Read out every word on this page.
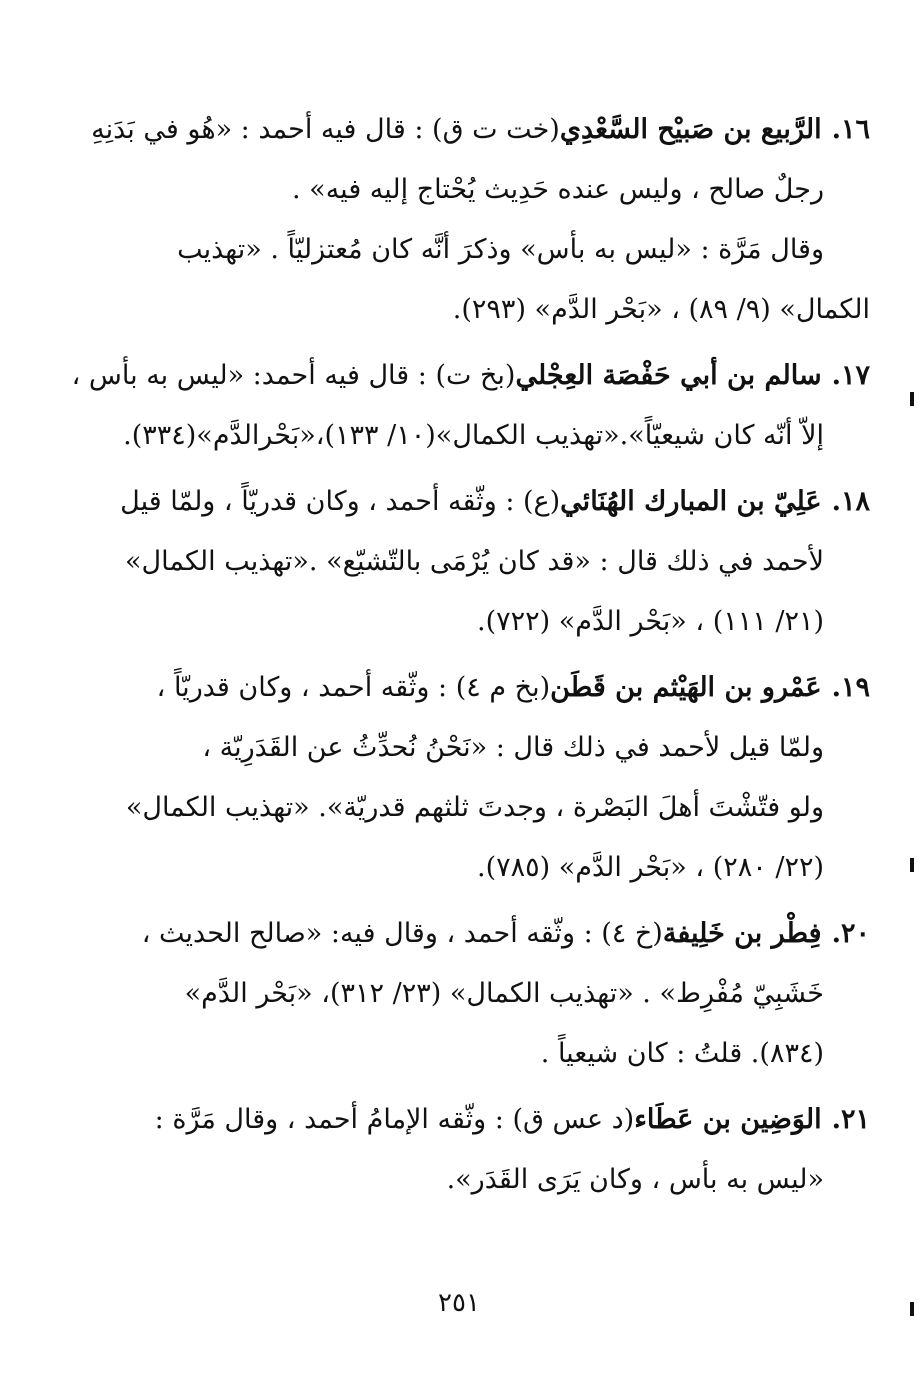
١٦.الرَّبيع بن صَبيْح السَّعْدِي(خت ت ق) : قال فيه أحمد : «هُو في بَدَنِهِ
رجلٌ صالح ، وليس عنده حَدِيث يُحْتاج إليه فيه» .
وقال مَرَّة : «ليس به بأس» وذكرَ أنَّه كان مُعتزليّاً . «تهذيب
الكمال» (٩/ ٨٩) ، «بَحْر الدَّم» (٢٩٣).
١٧.سالم بن أبي حَفْصَة العِجْلي(بخ ت) : قال فيه أحمد: «ليس به بأس ،
إلاّ أنّه كان شيعيّاً».«تهذيب الكمال»(١٠/ ١٣٣)،«بَحْرالدَّم»(٣٣٤).
١٨.عَلِيّ بن المبارك الهُنَائي(ع) : وثّقه أحمد ، وكان قدريّاً ، ولمّا قيل
لأحمد في ذلك قال : «قد كان يُرْمَى بالتّشيّع» .«تهذيب الكمال»
(٢١/ ١١١) ، «بَحْر الدَّم» (٧٢٢).
١٩.عَمْرو بن الهَيْثم بن قَطَن(بخ م ٤) : وثّقه أحمد ، وكان قدريّاً ،
ولمّا قيل لأحمد في ذلك قال : «نَحْنُ نُحدِّثُ عن القَدَرِيّة ،
ولو فتّشْتَ أهلَ البَصْرة ، وجدتَ ثلثهم قدريّة». «تهذيب الكمال»
(٢٢/ ٢٨٠) ، «بَحْر الدَّم» (٧٨٥).
٢٠.فِطْر بن خَلِيفة(خ ٤) : وثّقه أحمد ، وقال فيه: «صالح الحديث ،
خَشَبِيّ مُفْرِط» . «تهذيب الكمال» (٢٣/ ٣١٢)، «بَحْر الدَّم»
(٨٣٤). قلتُ : كان شيعياً .
٢١.الوَضِين بن عَطَاء(د عس ق) : وثّقه الإمامُ أحمد ، وقال مَرَّة :
«ليس به بأس ، وكان يَرَى القَدَر».
٢٥١
